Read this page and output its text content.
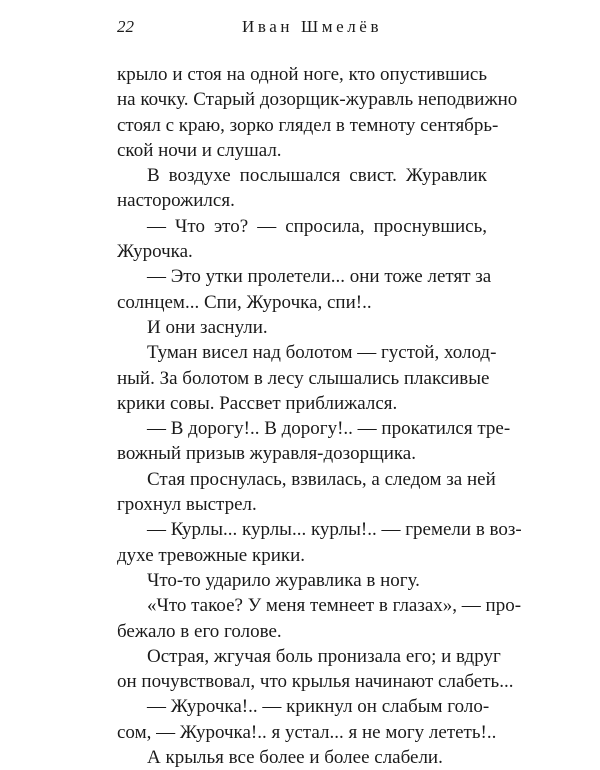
22	Иван Шмелёв
крыло и стоя на одной ноге, кто опустившись
на кочку. Старый дозорщик-журавль неподвижно
стоял с краю, зорко глядел в темноту сентябрь-
ской ночи и слушал.
В воздухе послышался свист. Журавлик
насторожился.
— Что это? — спросила, проснувшись,
Журочка.
— Это утки пролетели... они тоже летят за
солнцем... Спи, Журочка, спи!..
И они заснули.
Туман висел над болотом — густой, холод-
ный. За болотом в лесу слышались плаксивые
крики совы. Рассвет приближался.
— В дорогу!.. В дорогу!.. — прокатился тре-
вожный призыв журавля-дозорщика.
Стая проснулась, взвилась, а следом за ней
грохнул выстрел.
— Курлы... курлы... курлы!.. — гремели в воз-
духе тревожные крики.
Что-то ударило журавлика в ногу.
«Что такое? У меня темнеет в глазах», — про-
бежало в его голове.
Острая, жгучая боль пронизала его; и вдруг
он почувствовал, что крылья начинают слабеть...
— Журочка!.. — крикнул он слабым голо-
сом, — Журочка!.. я устал... я не могу лететь!..
А крылья все более и более слабели.
